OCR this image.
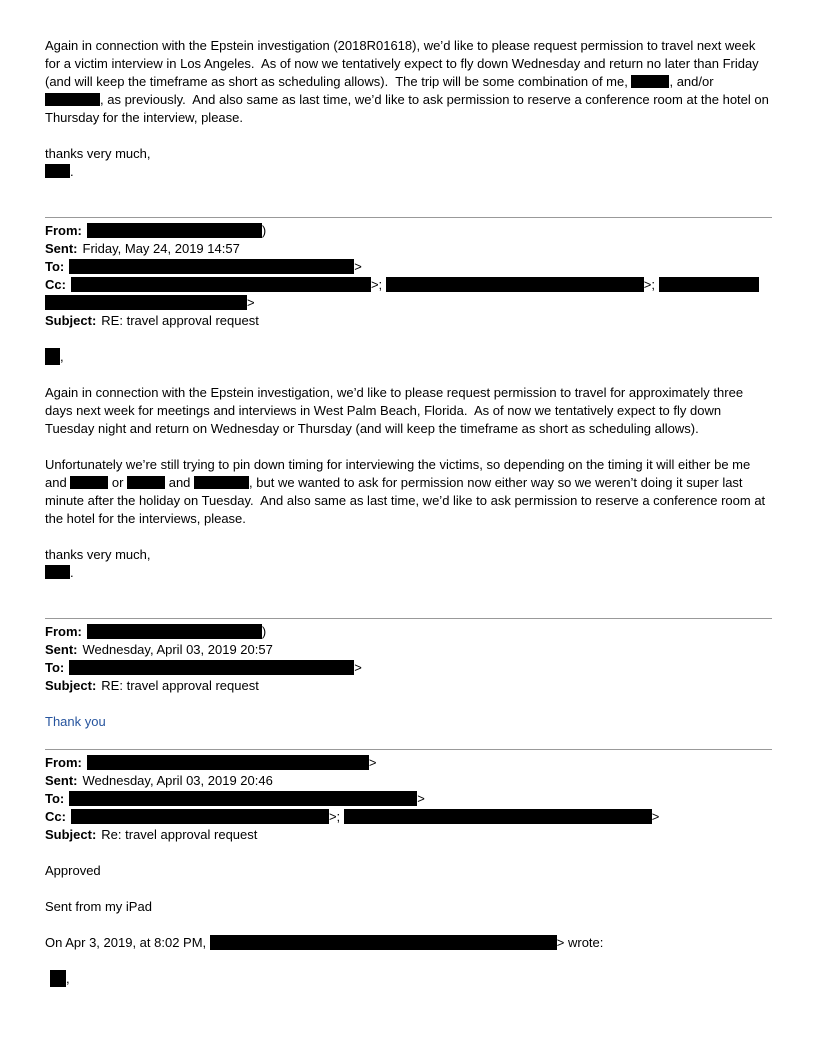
Again in connection with the Epstein investigation (2018R01618), we’d like to please request permission to travel next week for a victim interview in Los Angeles.  As of now we tentatively expect to fly down Wednesday and return no later than Friday (and will keep the timeframe as short as scheduling allows).  The trip will be some combination of me,	, and/or , as previously.  And also same as last time, we’d like to ask permission to reserve a conference room at the hotel on Thursday for the interview, please.

thanks very much,

.

From:	)
Sent: Friday, May 24, 2019 14:57
To:	>
Cc:	>;	>;
>
Subject: RE: travel approval request

,

Again in connection with the Epstein investigation, we’d like to please request permission to travel for approximately three days next week for meetings and interviews in West Palm Beach, Florida.  As of now we tentatively expect to fly down Tuesday night and return on Wednesday or Thursday (and will keep the timeframe as short as scheduling allows).

Unfortunately we’re still trying to pin down timing for interviewing the victims, so depending on the timing it will either be me and	or	and	, but we wanted to ask for permission now either way so we weren’t doing it super last minute after the holiday on Tuesday.  And also same as last time, we’d like to ask permission to reserve a conference room at the hotel for the interviews, please.

thanks very much,

.

From:	)
Sent: Wednesday, April 03, 2019 20:57
To:	>
Subject: RE: travel approval request

Thank you

From:	>
Sent: Wednesday, April 03, 2019 20:46
To:	>
Cc:	>;	>
Subject: Re: travel approval request

Approved

Sent from my iPad

On Apr 3, 2019, at 8:02 PM,	> wrote:

,
